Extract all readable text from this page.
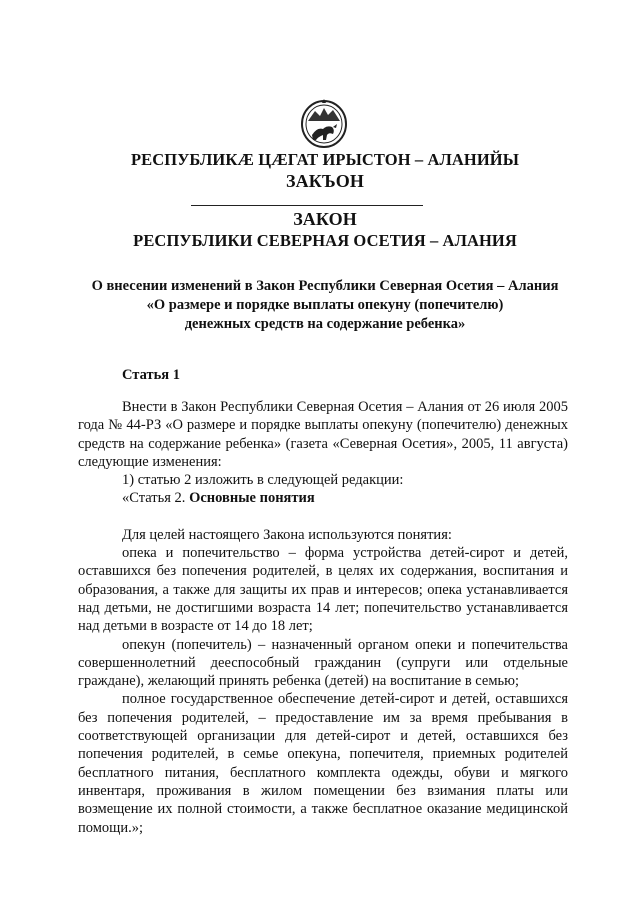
РЕСПУБЛИКӔ ЦӔГАТ ИРЫСТОН – АЛАНИЙЫ
ЗАКЪОН
ЗАКОН
РЕСПУБЛИКИ СЕВЕРНАЯ ОСЕТИЯ – АЛАНИЯ
О внесении изменений в Закон Республики Северная Осетия – Алания
«О размере и порядке выплаты опекуну (попечителю)
денежных средств на содержание ребенка»
Статья 1

Внести в Закон Республики Северная Осетия – Алания от 26 июля 2005 года № 44-РЗ «О размере и порядке выплаты опекуну (попечителю) денежных средств на содержание ребенка» (газета «Северная Осетия», 2005, 11 августа) следующие изменения:

1) статью 2 изложить в следующей редакции:

«Статья 2. Основные понятия

Для целей настоящего Закона используются понятия:

опека и попечительство – форма устройства детей-сирот и детей, оставшихся без попечения родителей, в целях их содержания, воспитания и образования, а также для защиты их прав и интересов; опека устанавливается над детьми, не достигшими возраста 14 лет; попечительство устанавливается над детьми в возрасте от 14 до 18 лет;

опекун (попечитель) – назначенный органом опеки и попечительства совершеннолетний дееспособный гражданин (супруги или отдельные граждане), желающий принять ребенка (детей) на воспитание в семью;

полное государственное обеспечение детей-сирот и детей, оставшихся без попечения родителей, – предоставление им за время пребывания в соответствующей организации для детей-сирот и детей, оставшихся без попечения родителей, в семье опекуна, попечителя, приемных родителей бесплатного питания, бесплатного комплекта одежды, обуви и мягкого инвентаря, проживания в жилом помещении без взимания платы или возмещение их полной стоимости, а также бесплатное оказание медицинской помощи.»;
